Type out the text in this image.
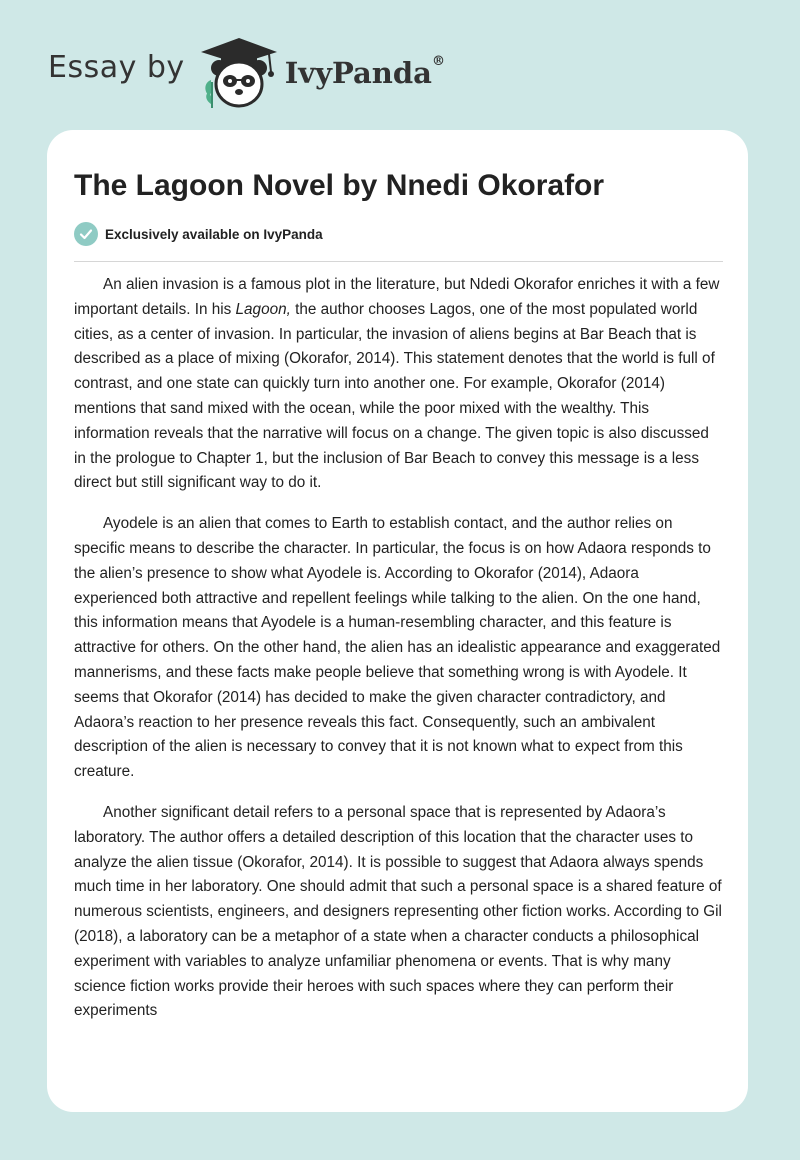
Essay by	IvyPanda®
The Lagoon Novel by Nnedi Okorafor
Exclusively available on IvyPanda

An alien invasion is a famous plot in the literature, but Ndedi Okorafor enriches it with a few important details. In his Lagoon, the author chooses Lagos, one of the most populated world cities, as a center of invasion. In particular, the invasion of aliens begins at Bar Beach that is described as a place of mixing (Okorafor, 2014). This statement denotes that the world is full of contrast, and one state can quickly turn into another one. For example, Okorafor (2014) mentions that sand mixed with the ocean, while the poor mixed with the wealthy. This information reveals that the narrative will focus on a change. The given topic is also discussed in the prologue to Chapter 1, but the inclusion of Bar Beach to convey this message is a less direct but still significant way to do it.

Ayodele is an alien that comes to Earth to establish contact, and the author relies on specific means to describe the character. In particular, the focus is on how Adaora responds to the alien’s presence to show what Ayodele is. According to Okorafor (2014), Adaora experienced both attractive and repellent feelings while talking to the alien. On the one hand, this information means that Ayodele is a human-resembling character, and this feature is attractive for others. On the other hand, the alien has an idealistic appearance and exaggerated mannerisms, and these facts make people believe that something wrong is with Ayodele. It seems that Okorafor (2014) has decided to make the given character contradictory, and Adaora’s reaction to her presence reveals this fact. Consequently, such an ambivalent description of the alien is necessary to convey that it is not known what to expect from this creature.

Another significant detail refers to a personal space that is represented by Adaora’s laboratory. The author offers a detailed description of this location that the character uses to analyze the alien tissue (Okorafor, 2014). It is possible to suggest that Adaora always spends much time in her laboratory. One should admit that such a personal space is a shared feature of numerous scientists, engineers, and designers representing other fiction works. According to Gil (2018), a laboratory can be a metaphor of a state when a character conducts a philosophical experiment with variables to analyze unfamiliar phenomena or events. That is why many science fiction works provide their heroes with such spaces where they can perform their experiments
